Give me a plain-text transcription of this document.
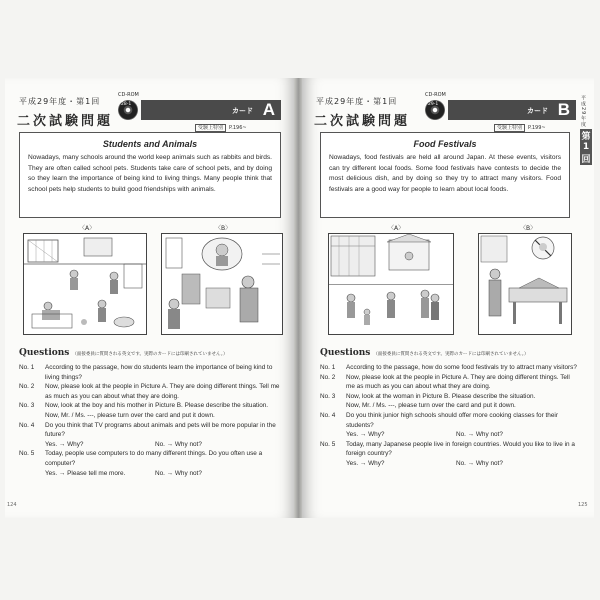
平成29年度・第1回
二次試験問題
CD-ROM
28-1
カード A
受験上特別 P.196~
Students and Animals
Nowadays, many schools around the world keep animals such as rabbits and birds. They are often called school pets. Students take care of school pets, and by doing so they learn the importance of being kind to living things. Many people think that school pets help students to build good friendships with animals.
〈A〉	〈B〉
Questions （面接委員に質問される英文です。実際のカードには印刷されていません。）
No. 1	According to the passage, how do students learn the importance of being kind to living things?
No. 2	Now, please look at the people in Picture A. They are doing different things. Tell me as much as you can about what they are doing.
No. 3	Now, look at the boy and his mother in Picture B. Please describe the situation.
Now, Mr. / Ms. ---, please turn over the card and put it down.
No. 4	Do you think that TV programs about animals and pets will be more popular in the future?
Yes. → Why?	No. → Why not?
No. 5	Today, people use computers to do many different things. Do you often use a computer?
Yes. → Please tell me more.	No. → Why not?
124
平成29年度・第1回
二次試験問題
CD-ROM
29-1
カード B
受験上特別 P.199~
Food Festivals
Nowadays, food festivals are held all around Japan. At these events, visitors can try different local foods. Some food festivals have contests to decide the most delicious dish, and by doing so they try to attract many visitors. Food festivals are a good way for people to learn about local foods.
〈A〉	〈B〉
Questions （面接委員に質問される英文です。実際のカードには印刷されていません。）
No. 1	According to the passage, how do some food festivals try to attract many visitors?
No. 2	Now, please look at the people in Picture A. They are doing different things. Tell me as much as you can about what they are doing.
No. 3	Now, look at the woman in Picture B. Please describe the situation.
Now, Mr. / Ms. ---, please turn over the card and put it down.
No. 4	Do you think junior high schools should offer more cooking classes for their students?
Yes. → Why?	No. → Why not?
No. 5	Today, many Japanese people live in foreign countries. Would you like to live in a foreign country?
Yes. → Why?	No. → Why not?
125
平成29年度
第1回
